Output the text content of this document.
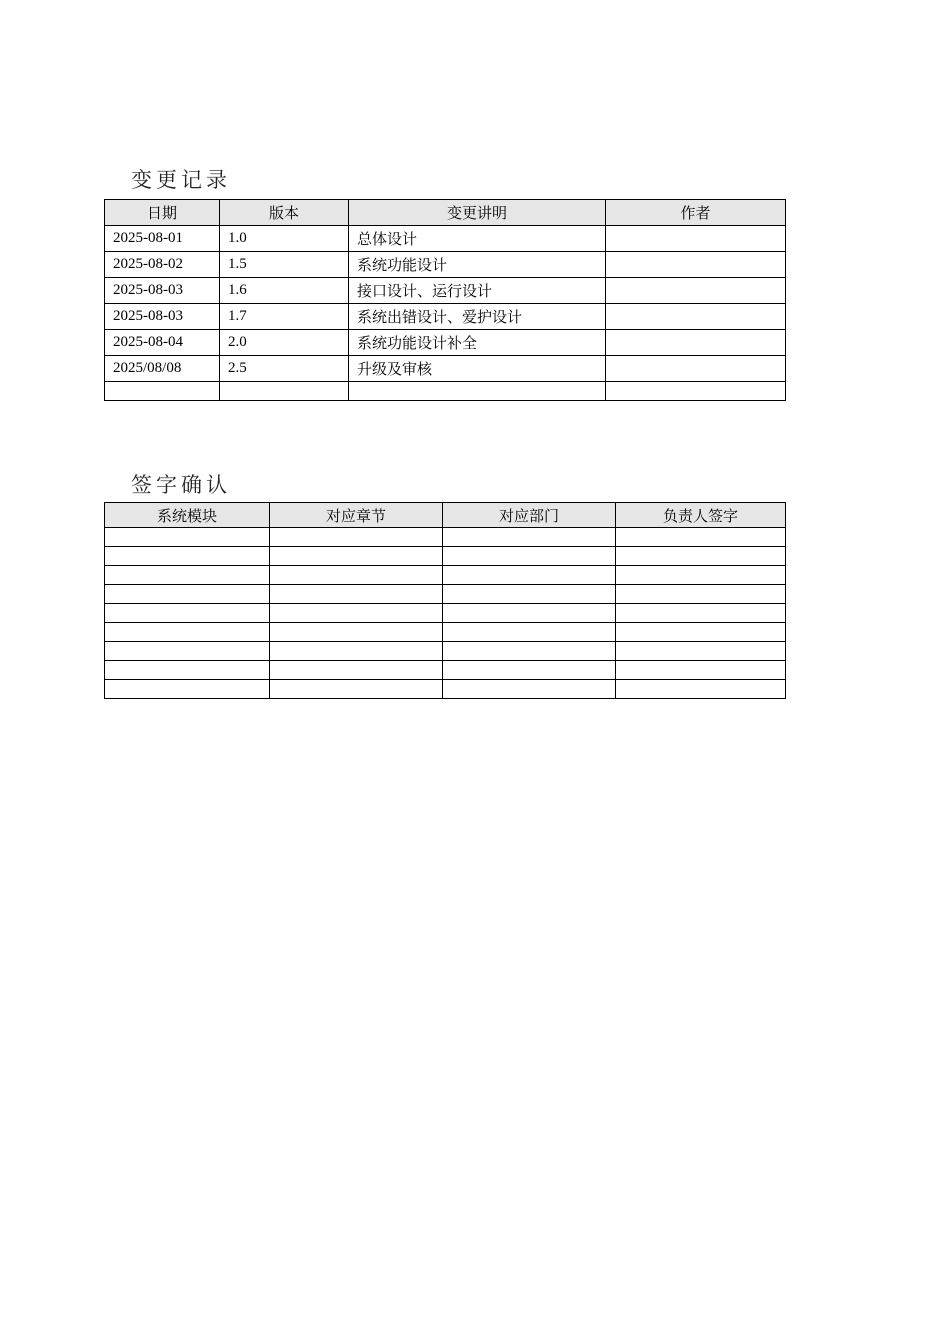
变更记录
日期	版本	变更讲明	作者
2025-08-01	1.0	总体设计	
2025-08-02	1.5	系统功能设计	
2025-08-03	1.6	接口设计、运行设计	
2025-08-03	1.7	系统出错设计、爱护设计	
2025-08-04	2.0	系统功能设计补全	
2025/08/08	2.5	升级及审核	

签字确认
系统模块	对应章节	对应部门	负责人签字
